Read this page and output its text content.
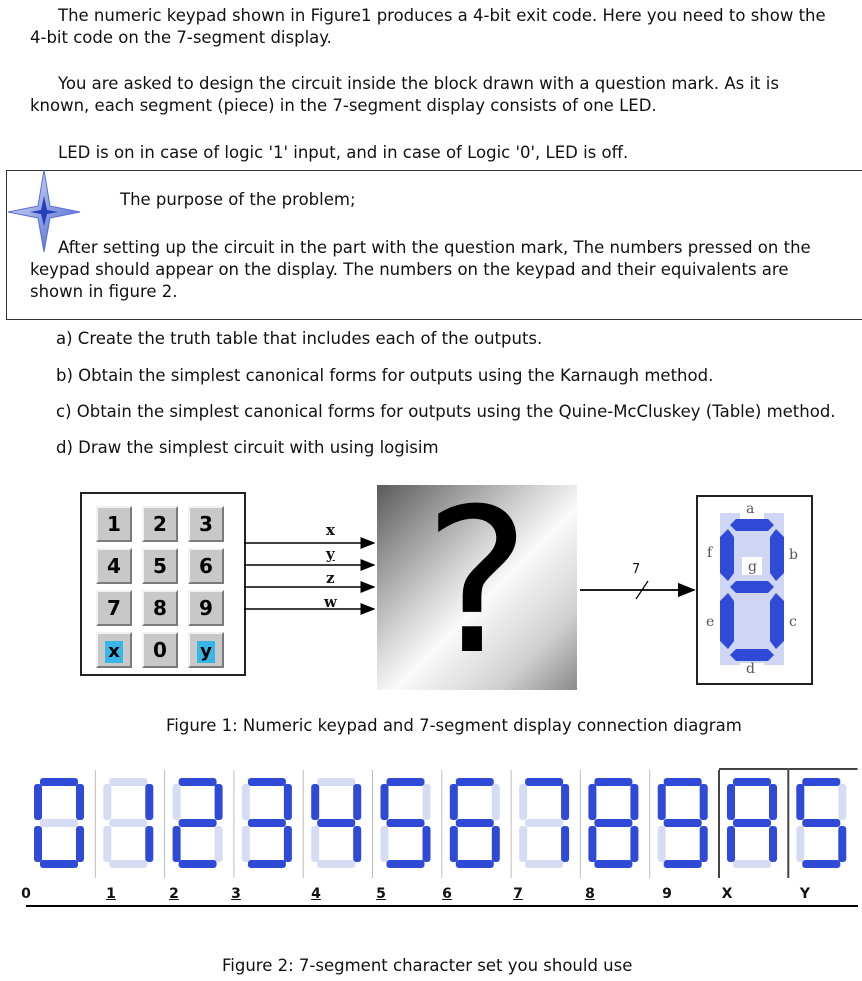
The numeric keypad shown in Figure1 produces a 4-bit exit code. Here you need to show the
4-bit code on the 7-segment display.
You are asked to design the circuit inside the block drawn with a question mark. As it is
known, each segment (piece) in the 7-segment display consists of one LED.
LED is on in case of logic '1' input, and in case of Logic '0', LED is off.
The purpose of the problem;
After setting up the circuit in the part with the question mark, The numbers pressed on the
keypad should appear on the display. The numbers on the keypad and their equivalents are
shown in figure 2.
a) Create the truth table that includes each of the outputs.
b) Obtain the simplest canonical forms for outputs using the Karnaugh method.
c) Obtain the simplest canonical forms for outputs using the Quine-McCluskey (Table) method.
d) Draw the simplest circuit with using logisim
1	2	3
4	5	6
7	8	9
x	0	y
x
y
z
w ?	7
a
b
c
d
e
f
g
Figure 1: Numeric keypad and 7-segment display connection diagram
0	1	2	3	4	5	6	7	8	9	X	Y
Figure 2: 7-segment character set you should use
